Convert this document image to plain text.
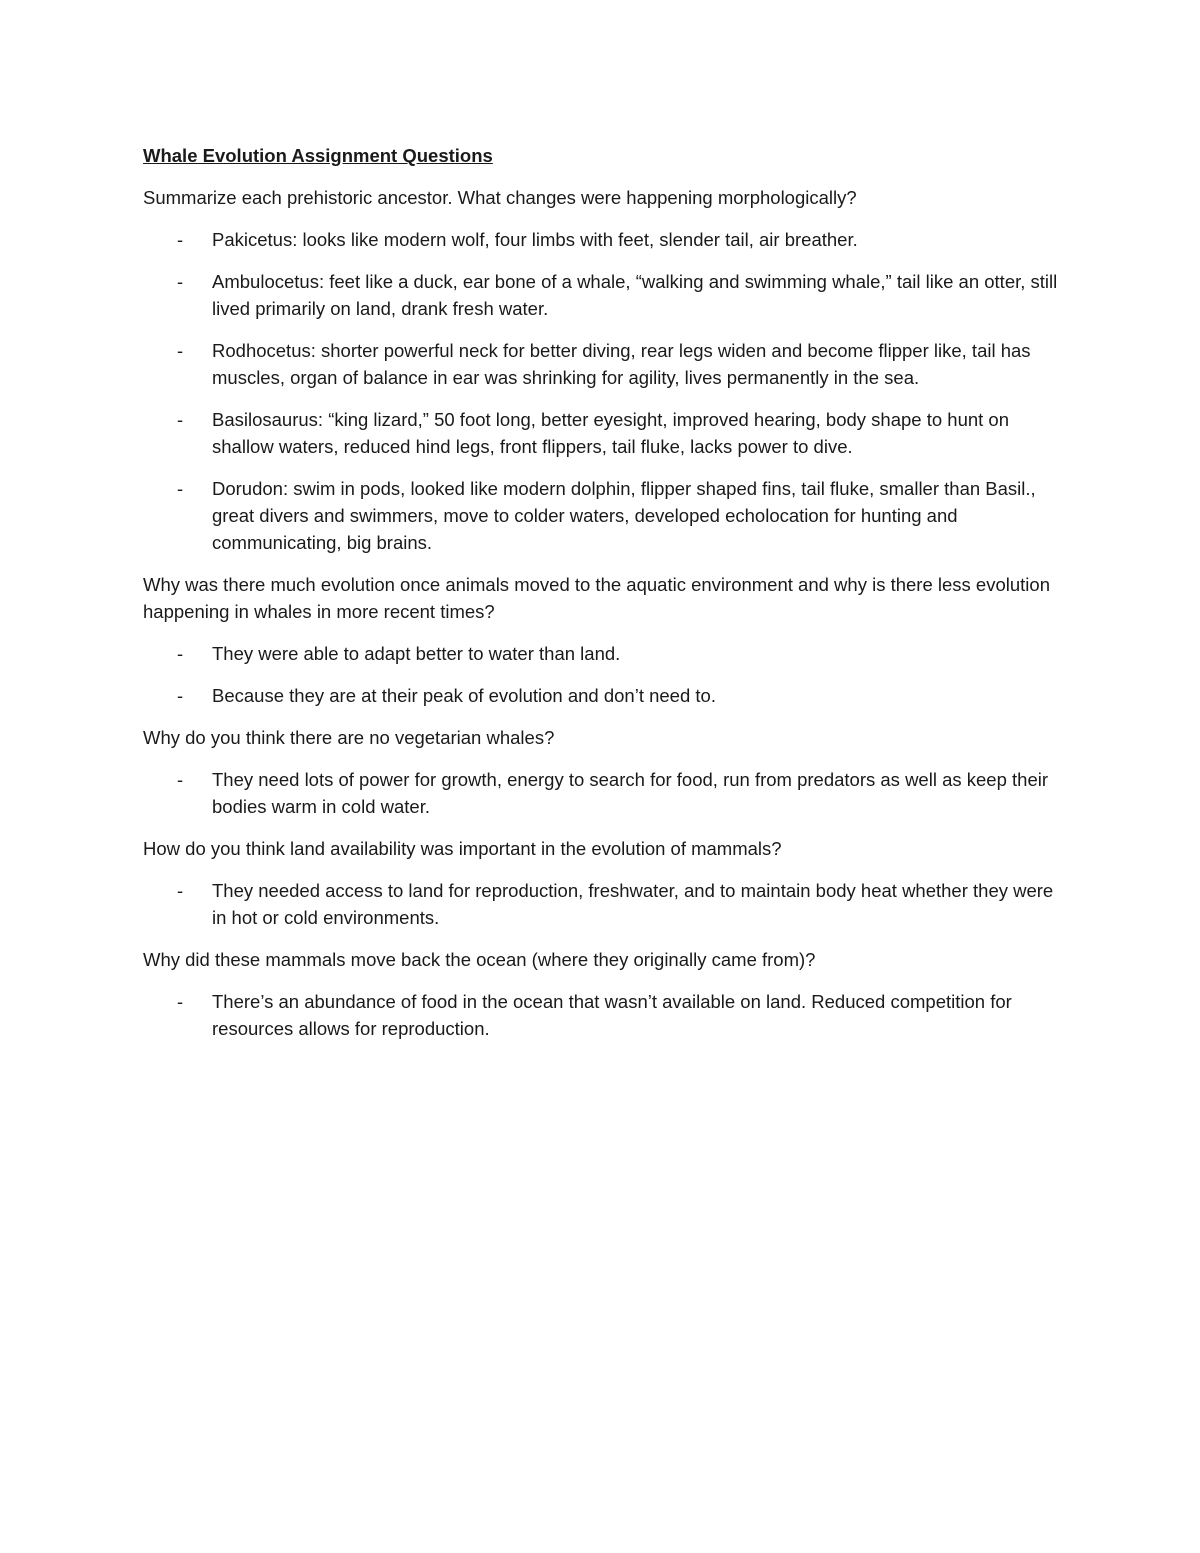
Whale Evolution Assignment Questions
Summarize each prehistoric ancestor. What changes were happening morphologically?
- Pakicetus: looks like modern wolf, four limbs with feet, slender tail, air breather.
- Ambulocetus: feet like a duck, ear bone of a whale, “walking and swimming whale,” tail like an otter, still lived primarily on land, drank fresh water.
- Rodhocetus: shorter powerful neck for better diving, rear legs widen and become flipper like, tail has muscles, organ of balance in ear was shrinking for agility, lives permanently in the sea.
- Basilosaurus: “king lizard,” 50 foot long, better eyesight, improved hearing, body shape to hunt on shallow waters, reduced hind legs, front flippers, tail fluke, lacks power to dive.
- Dorudon: swim in pods, looked like modern dolphin, flipper shaped fins, tail fluke, smaller than Basil., great divers and swimmers, move to colder waters, developed echolocation for hunting and communicating, big brains.
Why was there much evolution once animals moved to the aquatic environment and why is there less evolution happening in whales in more recent times?
- They were able to adapt better to water than land.
- Because they are at their peak of evolution and don’t need to.
Why do you think there are no vegetarian whales?
- They need lots of power for growth, energy to search for food, run from predators as well as keep their bodies warm in cold water.
How do you think land availability was important in the evolution of mammals?
- They needed access to land for reproduction, freshwater, and to maintain body heat whether they were in hot or cold environments.
Why did these mammals move back the ocean (where they originally came from)?
- There’s an abundance of food in the ocean that wasn’t available on land. Reduced competition for resources allows for reproduction.
